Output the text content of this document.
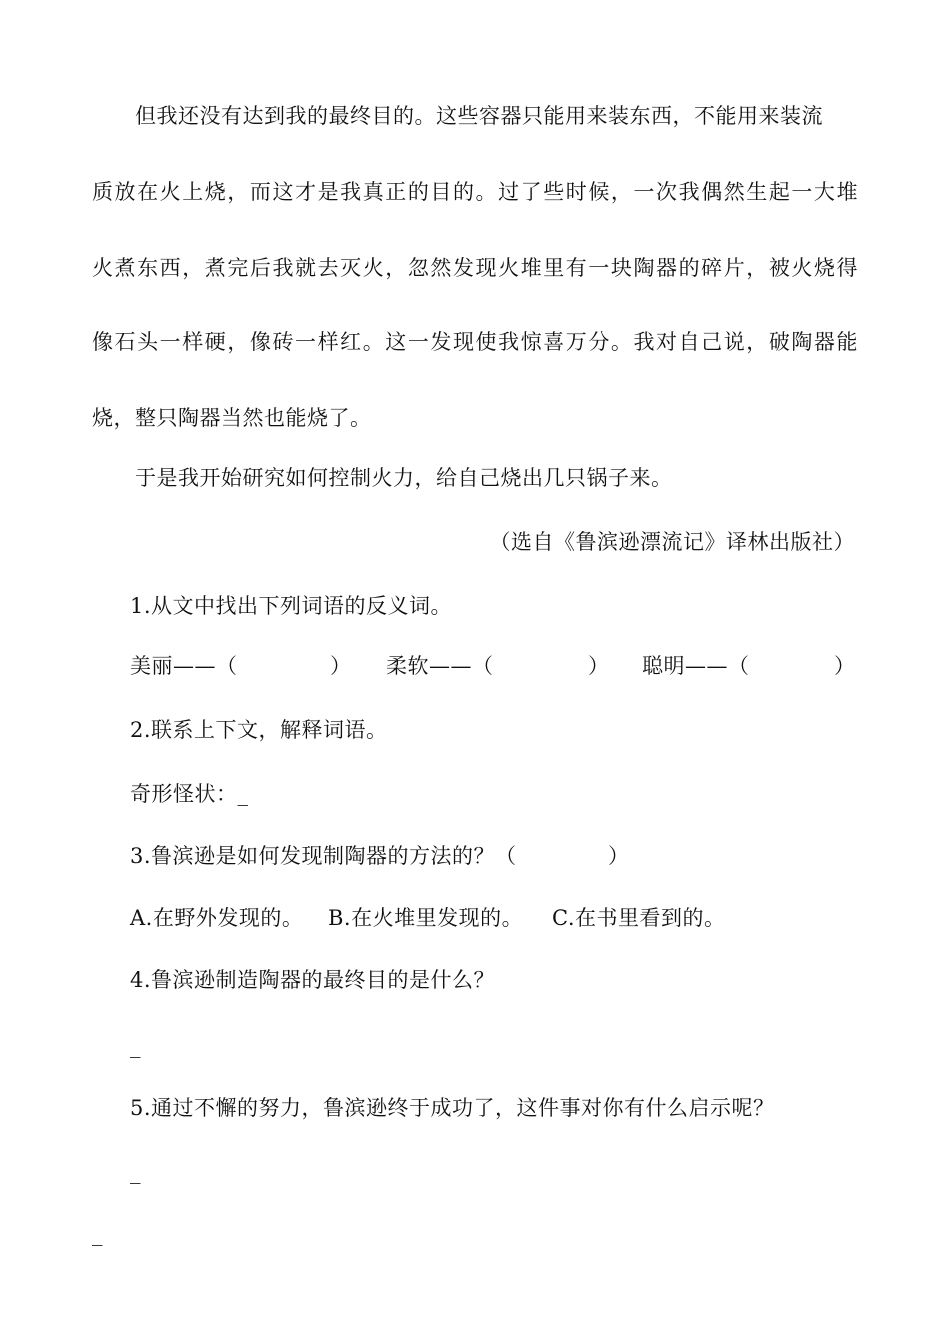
但我还没有达到我的最终目的。这些容器只能用来装东西，不能用来装流
质放在火上烧，而这才是我真正的目的。过了些时候，一次我偶然生起一大堆
火煮东西，煮完后我就去灭火，忽然发现火堆里有一块陶器的碎片，被火烧得
像石头一样硬，像砖一样红。这一发现使我惊喜万分。我对自己说，破陶器能
烧，整只陶器当然也能烧了。
于是我开始研究如何控制火力，给自己烧出几只锅子来。
（选自《鲁滨逊漂流记》译林出版社）
1.从文中找出下列词语的反义词。
美丽——（	） 柔软——（	） 聪明——（	）
2.联系上下文，解释词语。
奇形怪状：_
3.鲁滨逊是如何发现制陶器的方法的？（	）
A.在野外发现的。 B.在火堆里发现的。 C.在书里看到的。
4.鲁滨逊制造陶器的最终目的是什么？
_
5.通过不懈的努力，鲁滨逊终于成功了，这件事对你有什么启示呢？
_
_
